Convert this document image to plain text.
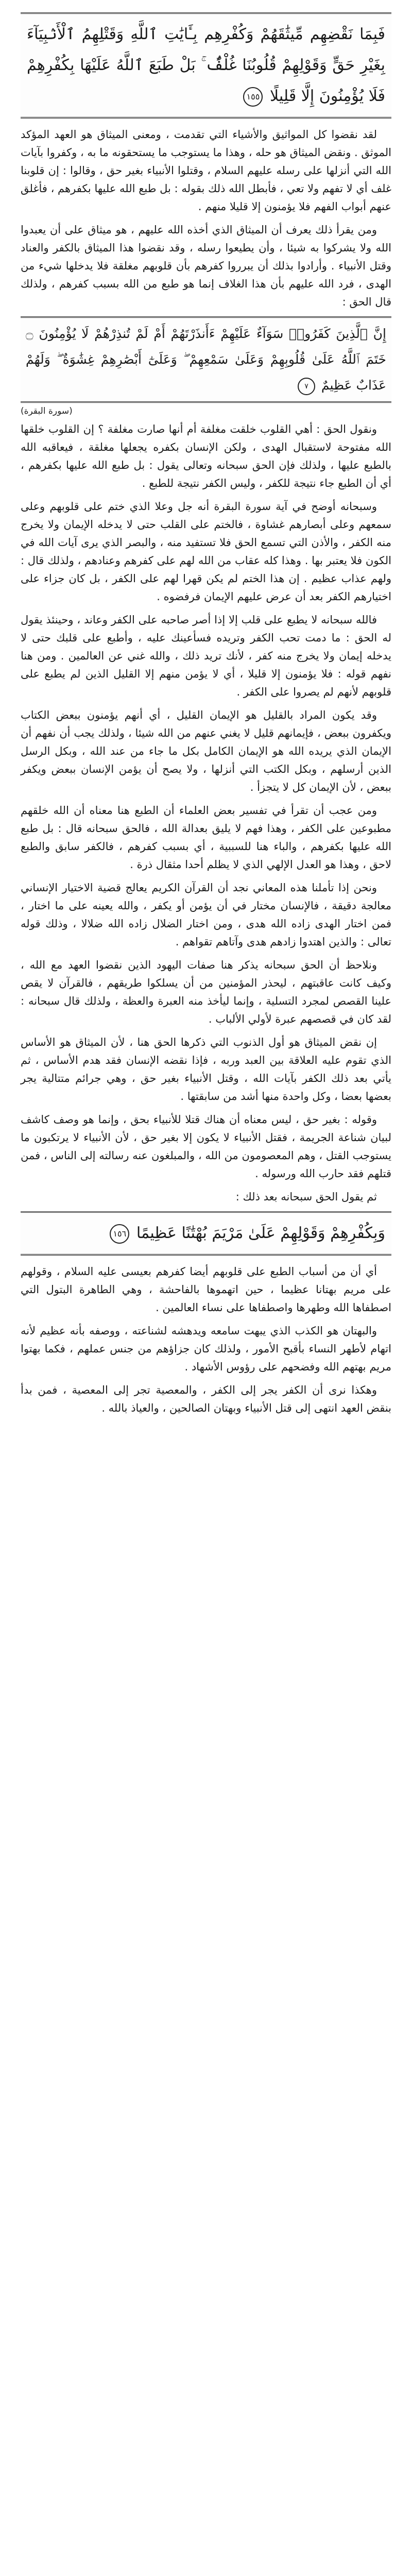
فَبِمَا نَقْضِهِم مِّيثَٰقَهُمْ وَكُفْرِهِم بِـَٔايَٰتِ ٱللَّهِ وَقَتْلِهِمُ ٱلْأَنۢبِيَآءَ بِغَيْرِ حَقٍّ وَقَوْلِهِمْ قُلُوبُنَا غُلْفٌۢ ۚ بَلْ طَبَعَ ٱللَّهُ عَلَيْهَا بِكُفْرِهِمْ فَلَا يُؤْمِنُونَ إِلَّا قَلِيلًا ١٥٥

لقد نقضوا كل المواثيق والأشياء التي تقدمت ، ومعنى الميثاق هو العهد المؤكد الموثق . ونقض الميثاق هو حله ، وهذا ما يستوجب ما يستحقونه ما به ، وكفروا بآيات الله التي أنزلها على رسله عليهم السلام ، وقتلوا الأنبياء بغير حق ، وقالوا : إن قلوبنا غلف أي لا تفهم ولا تعي ، فأبطل الله ذلك بقوله : بل طبع الله عليها بكفرهم ، فأغلق عنهم أبواب الفهم فلا يؤمنون إلا قليلا منهم .

ومن يقرأ ذلك يعرف أن الميثاق الذي أخذه الله عليهم ، هو ميثاق على أن يعبدوا الله ولا يشركوا به شيئا ، وأن يطيعوا رسله ، وقد نقضوا هذا الميثاق بالكفر والعناد وقتل الأنبياء . وأرادوا بذلك أن يبرروا كفرهم بأن قلوبهم مغلقة فلا يدخلها شيء من الهدى ، فرد الله عليهم بأن هذا الغلاف إنما هو طبع من الله بسبب كفرهم ، ولذلك قال الحق :

إِنَّ ٱلَّذِينَ كَفَرُوا۟ سَوَآءٌ عَلَيْهِمْ ءَأَنذَرْتَهُمْ أَمْ لَمْ تُنذِرْهُمْ لَا يُؤْمِنُونَ ۝ خَتَمَ ٱللَّهُ عَلَىٰ قُلُوبِهِمْ وَعَلَىٰ سَمْعِهِمْ ۖ وَعَلَىٰٓ أَبْصَٰرِهِمْ غِشَٰوَةٌ ۖ وَلَهُمْ عَذَابٌ عَظِيمٌ ٧
(سورة البقرة)

ونقول الحق : أهي القلوب خلقت مغلفة أم أنها صارت مغلفة ؟ إن القلوب خلقها الله مفتوحة لاستقبال الهدى ، ولكن الإنسان بكفره يجعلها مغلقة ، فيعاقبه الله بالطبع عليها ، ولذلك فإن الحق سبحانه وتعالى يقول : بل طبع الله عليها بكفرهم ، أي أن الطبع جاء نتيجة للكفر ، وليس الكفر نتيجة للطبع .

وسبحانه أوضح في آية سورة البقرة أنه جل وعلا الذي ختم على قلوبهم وعلى سمعهم وعلى أبصارهم غشاوة ، فالختم على القلب حتى لا يدخله الإيمان ولا يخرج منه الكفر ، والأذن التي تسمع الحق فلا تستفيد منه ، والبصر الذي يرى آيات الله في الكون فلا يعتبر بها . وهذا كله عقاب من الله لهم على كفرهم وعنادهم ، ولذلك قال : ولهم عذاب عظيم . إن هذا الختم لم يكن قهرا لهم على الكفر ، بل كان جزاء على اختيارهم الكفر بعد أن عرض عليهم الإيمان فرفضوه .

فالله سبحانه لا يطبع على قلب إلا إذا أصر صاحبه على الكفر وعاند ، وحينئذ يقول له الحق : ما دمت تحب الكفر وتريده فسأعينك عليه ، وأطبع على قلبك حتى لا يدخله إيمان ولا يخرج منه كفر ، لأنك تريد ذلك ، والله غني عن العالمين . ومن هنا نفهم قوله : فلا يؤمنون إلا قليلا ، أي لا يؤمن منهم إلا القليل الذين لم يطبع على قلوبهم لأنهم لم يصروا على الكفر .

وقد يكون المراد بالقليل هو الإيمان القليل ، أي أنهم يؤمنون ببعض الكتاب ويكفرون ببعض ، فإيمانهم قليل لا يغني عنهم من الله شيئا ، ولذلك يجب أن نفهم أن الإيمان الذي يريده الله هو الإيمان الكامل بكل ما جاء من عند الله ، وبكل الرسل الذين أرسلهم ، وبكل الكتب التي أنزلها ، ولا يصح أن يؤمن الإنسان ببعض ويكفر ببعض ، لأن الإيمان كل لا يتجزأ .

ومن عجب أن تقرأ في تفسير بعض العلماء أن الطبع هنا معناه أن الله خلقهم مطبوعين على الكفر ، وهذا فهم لا يليق بعدالة الله ، فالحق سبحانه قال : بل طبع الله عليها بكفرهم ، والباء هنا للسببية ، أي بسبب كفرهم ، فالكفر سابق والطبع لاحق ، وهذا هو العدل الإلهي الذي لا يظلم أحدا مثقال ذرة .

ونحن إذا تأملنا هذه المعاني نجد أن القرآن الكريم يعالج قضية الاختيار الإنساني معالجة دقيقة ، فالإنسان مختار في أن يؤمن أو يكفر ، والله يعينه على ما اختار ، فمن اختار الهدى زاده الله هدى ، ومن اختار الضلال زاده الله ضلالا ، وذلك قوله تعالى : والذين اهتدوا زادهم هدى وآتاهم تقواهم .

ونلاحظ أن الحق سبحانه يذكر هنا صفات اليهود الذين نقضوا العهد مع الله ، وكيف كانت عاقبتهم ، ليحذر المؤمنين من أن يسلكوا طريقهم ، فالقرآن لا يقص علينا القصص لمجرد التسلية ، وإنما ليأخذ منه العبرة والعظة ، ولذلك قال سبحانه : لقد كان في قصصهم عبرة لأولي الألباب .

إن نقض الميثاق هو أول الذنوب التي ذكرها الحق هنا ، لأن الميثاق هو الأساس الذي تقوم عليه العلاقة بين العبد وربه ، فإذا نقضه الإنسان فقد هدم الأساس ، ثم يأتي بعد ذلك الكفر بآيات الله ، وقتل الأنبياء بغير حق ، وهي جرائم متتالية يجر بعضها بعضا ، وكل واحدة منها أشد من سابقتها .

وقوله : بغير حق ، ليس معناه أن هناك قتلا للأنبياء بحق ، وإنما هو وصف كاشف لبيان شناعة الجريمة ، فقتل الأنبياء لا يكون إلا بغير حق ، لأن الأنبياء لا يرتكبون ما يستوجب القتل ، وهم المعصومون من الله ، والمبلغون عنه رسالته إلى الناس ، فمن قتلهم فقد حارب الله ورسوله .

ثم يقول الحق سبحانه بعد ذلك :

وَبِكُفْرِهِمْ وَقَوْلِهِمْ عَلَىٰ مَرْيَمَ بُهْتَٰنًا عَظِيمًا ١٥٦

أي أن من أسباب الطبع على قلوبهم أيضا كفرهم بعيسى عليه السلام ، وقولهم على مريم بهتانا عظيما ، حين اتهموها بالفاحشة ، وهي الطاهرة البتول التي اصطفاها الله وطهرها واصطفاها على نساء العالمين .

والبهتان هو الكذب الذي يبهت سامعه ويدهشه لشناعته ، ووصفه بأنه عظيم لأنه اتهام لأطهر النساء بأقبح الأمور ، ولذلك كان جزاؤهم من جنس عملهم ، فكما بهتوا مريم بهتهم الله وفضحهم على رؤوس الأشهاد .

وهكذا نرى أن الكفر يجر إلى الكفر ، والمعصية تجر إلى المعصية ، فمن بدأ بنقض العهد انتهى إلى قتل الأنبياء وبهتان الصالحين ، والعياذ بالله .
